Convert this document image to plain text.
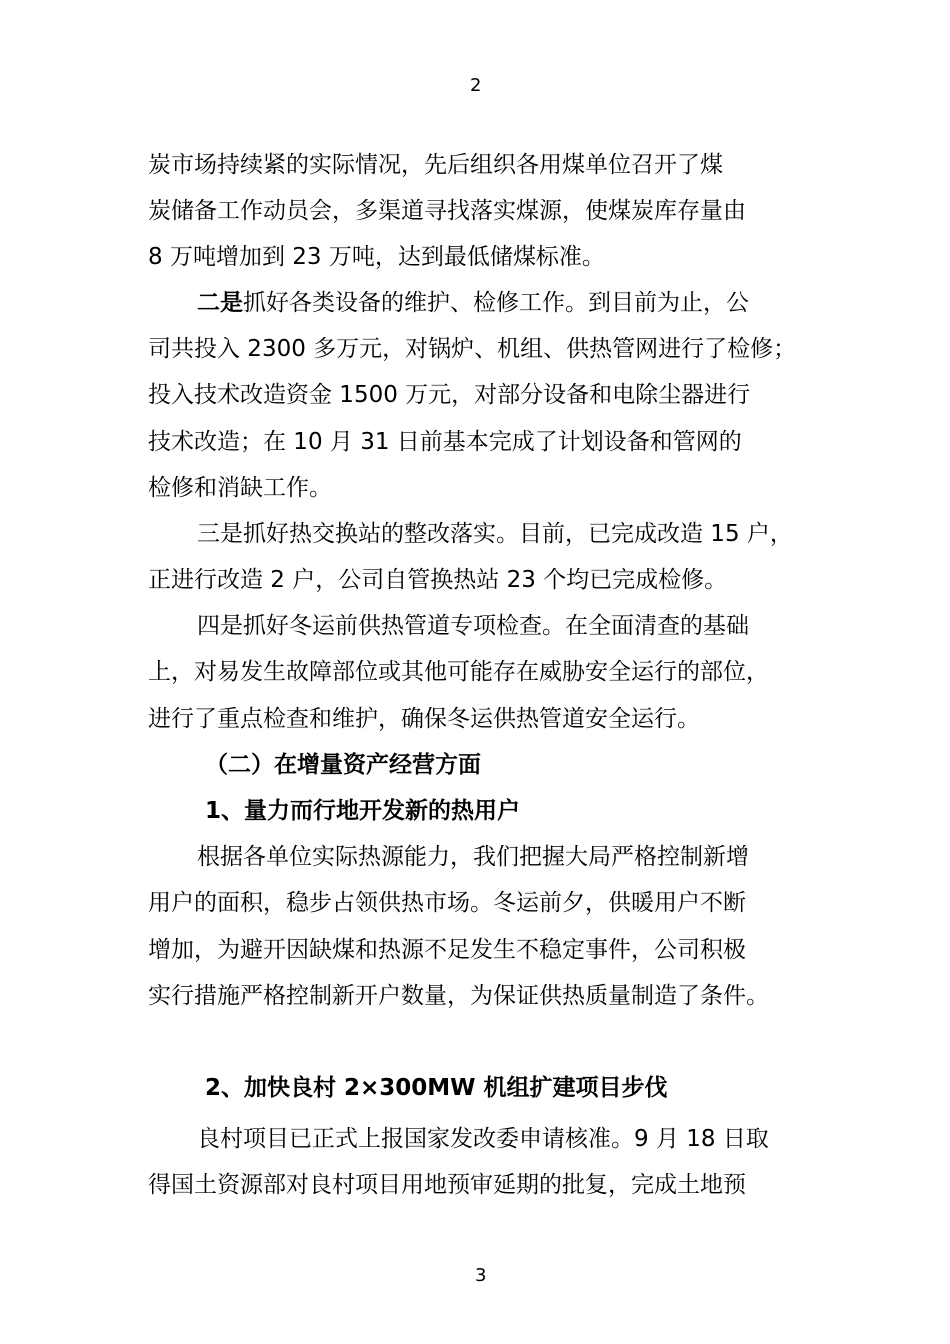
2
炭市场持续紧的实际情况，先后组织各用煤单位召开了煤
炭储备工作动员会，多渠道寻找落实煤源，使煤炭库存量由
8 万吨增加到 23 万吨，达到最低储煤标准。
二是抓好各类设备的维护、检修工作。到目前为止，公
司共投入 2300 多万元，对锅炉、机组、供热管网进行了检修；
投入技术改造资金 1500 万元，对部分设备和电除尘器进行
技术改造；在 10 月 31 日前基本完成了计划设备和管网的
检修和消缺工作。
三是抓好热交换站的整改落实。目前，已完成改造 15 户，
正进行改造 2 户，公司自管换热站 23 个均已完成检修。
四是抓好冬运前供热管道专项检查。在全面清查的基础
上，对易发生故障部位或其他可能存在威胁安全运行的部位，
进行了重点检查和维护，确保冬运供热管道安全运行。
（二）在增量资产经营方面
1、量力而行地开发新的热用户
根据各单位实际热源能力，我们把握大局严格控制新增
用户的面积，稳步占领供热市场。冬运前夕，供暖用户不断
增加，为避开因缺煤和热源不足发生不稳定事件，公司积极
实行措施严格控制新开户数量，为保证供热质量制造了条件。
2、加快良村 2×300MW 机组扩建项目步伐
良村项目已正式上报国家发改委申请核准。9 月 18 日取
得国土资源部对良村项目用地预审延期的批复，完成土地预
3
